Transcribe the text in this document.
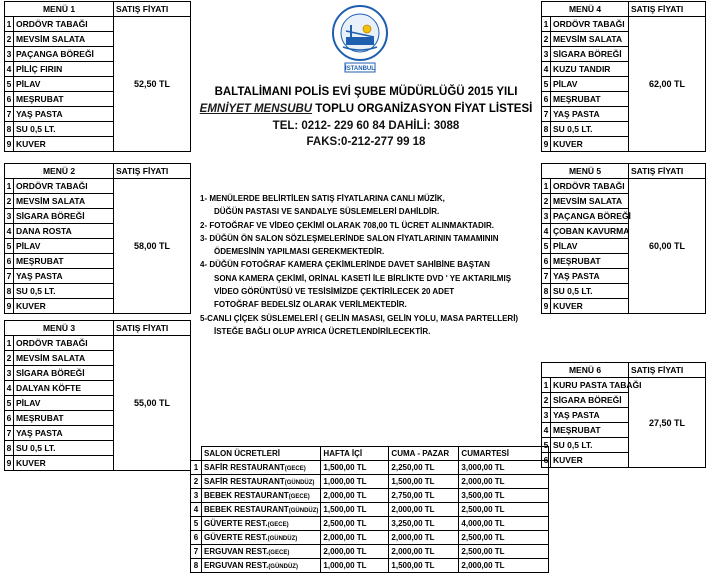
MENÜ 1		SATIŞ FİYATI
1	ORDÖVR TABAĞI	52,50 TL
2	MEVSİM SALATA	
3	PAÇANGA BÖREĞİ	
4	PİLİÇ FIRIN	
5	PİLAV	
6	MEŞRUBAT	
7	YAŞ PASTA	
8	SU 0,5 LT.	
9	KUVER	
MENÜ 2		SATIŞ FİYATI
1	ORDÖVR TABAĞI	58,00 TL
2	MEVSİM SALATA	
3	SİGARA BÖREĞİ	
4	DANA ROSTA	
5	PİLAV	
6	MEŞRUBAT	
7	YAŞ PASTA	
8	SU 0,5 LT.	
9	KUVER	
MENÜ 3		SATIŞ FİYATI
1	ORDÖVR TABAĞI	55,00 TL
2	MEVSİM SALATA	
3	SİGARA BÖREĞİ	
4	DALYAN KÖFTE	
5	PİLAV	
6	MEŞRUBAT	
7	YAŞ PASTA	
8	SU 0,5 LT.	
9	KUVER	
MENÜ 4		SATIŞ FİYATI
1	ORDÖVR TABAĞI	62,00 TL
2	MEVSİM SALATA	
3	SİGARA BÖREĞİ	
4	KUZU TANDIR	
5	PİLAV	
6	MEŞRUBAT	
7	YAŞ PASTA	
8	SU 0,5 LT.	
9	KUVER	
MENÜ 5		SATIŞ FİYATI
1	ORDÖVR TABAĞI	60,00 TL
2	MEVSİM SALATA	
3	PAÇANGA BÖREĞİ	
4	ÇOBAN KAVURMA	
5	PİLAV	
6	MEŞRUBAT	
7	YAŞ PASTA	
8	SU 0,5 LT.	
9	KUVER	
MENÜ 6		SATIŞ FİYATI
1	KURU PASTA TABAĞI	27,50 TL
2	SİGARA BÖREĞİ	
3	YAŞ PASTA	
4	MEŞRUBAT	
5	SU 0,5 LT.	
6	KUVER	
İSTANBUL
BALTALİMANI POLİS EVİ ŞUBE MÜDÜRLÜĞÜ 2015 YILI
EMNİYET MENSUBU TOPLU ORGANİZASYON FİYAT LİSTESİ
TEL: 0212- 229 60 84 DAHİLİ: 3088
FAKS:0-212-277 99 18
1- MENÜLERDE BELİRTİLEN SATIŞ FİYATLARINA CANLI MÜZİK,
DÜĞÜN PASTASI VE SANDALYE SÜSLEMELERİ DAHİLDİR.
2- FOTOĞRAF VE VİDEO ÇEKİMİ OLARAK 708,00 TL ÜCRET ALINMAKTADIR.
3- DÜĞÜN ÖN SALON SÖZLEŞMELERİNDE SALON FİYATLARININ TAMAMININ
ÖDEMESİNİN YAPILMASI GEREKMEKTEDİR.
4- DÜĞÜN FOTOĞRAF KAMERA ÇEKİMLERİNDE DAVET SAHİBİNE BAŞTAN
SONA KAMERA ÇEKİMİ, ORİNAL KASETİ İLE BİRLİKTE DVD ' YE AKTARILMIŞ
VİDEO GÖRÜNTÜSÜ VE TESİSİMİZDE ÇEKTİRİLECEK 20 ADET
FOTOĞRAF BEDELSİZ OLARAK VERİLMEKTEDİR.
5-CANLI ÇİÇEK SÜSLEMELERİ ( GELİN MASASI, GELİN YOLU, MASA PARTELLERİ)
İSTEĞE BAĞLI OLUP AYRICA ÜCRETLENDİRİLECEKTİR.
	SALON ÜCRETLERİ	HAFTA İÇİ	CUMA - PAZAR	CUMARTESİ
1	SAFİR RESTAURANT(GECE)	1,500,00 TL	2,250,00 TL	3,000,00 TL
2	SAFİR RESTAURANT(GÜNDÜZ)	1,000,00 TL	1,500,00 TL	2,000,00 TL
3	BEBEK RESTAURANT(GECE)	2,000,00 TL	2,750,00 TL	3,500,00 TL
4	BEBEK RESTAURANT(GÜNDÜZ)	1,500,00 TL	2,000,00 TL	2,500,00 TL
5	GÜVERTE REST.(GECE)	2,500,00 TL	3,250,00 TL	4,000,00 TL
6	GÜVERTE REST.(GÜNDÜZ)	2,000,00 TL	2,000,00 TL	2,500,00 TL
7	ERGUVAN REST.(GECE)	2,000,00 TL	2,000,00 TL	2,500,00 TL
8	ERGUVAN REST.(GÜNDÜZ)	1,000,00 TL	1,500,00 TL	2,000,00 TL
